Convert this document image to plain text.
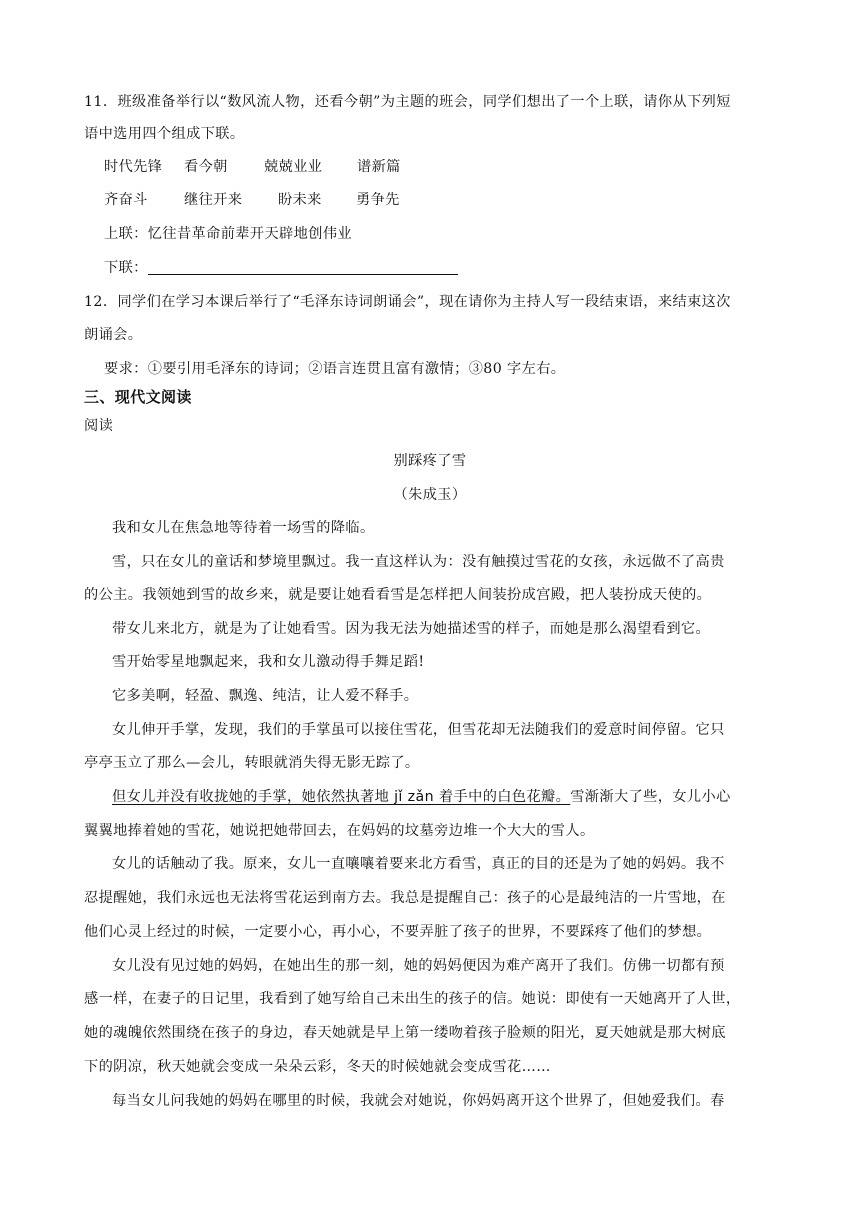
11．班级准备举行以“数风流人物，还看今朝”为主题的班会，同学们想出了一个上联，请你从下列短
语中选用四个组成下联。
时代先锋 看今朝	兢兢业业 谱新篇
齐奋斗	继往开来	盼未来 勇争先
上联：忆往昔革命前辈开天辟地创伟业
下联：
12．同学们在学习本课后举行了“毛泽东诗词朗诵会”，现在请你为主持人写一段结束语，来结束这次
朗诵会。
要求：①要引用毛泽东的诗词；②语言连贯且富有激情；③80 字左右。
三、现代文阅读
阅读
别踩疼了雪
（朱成玉）
我和女儿在焦急地等待着一场雪的降临。
雪，只在女儿的童话和梦境里飘过。我一直这样认为：没有触摸过雪花的女孩，永远做不了高贵
的公主。我领她到雪的故乡来，就是要让她看看雪是怎样把人间装扮成宫殿，把人装扮成天使的。
带女儿来北方，就是为了让她看雪。因为我无法为她描述雪的样子，而她是那么渴望看到它。
雪开始零星地飘起来，我和女儿激动得手舞足蹈!
它多美啊，轻盈、飘逸、纯洁，让人爱不释手。
女儿伸开手掌，发现，我们的手掌虽可以接住雪花，但雪花却无法随我们的爱意时间停留。它只
亭亭玉立了那么—会儿，转眼就消失得无影无踪了。
但女儿并没有收拢她的手掌，她依然执著地 jǐ zǎn 着手中的白色花瓣。雪渐渐大了些，女儿小心
翼翼地捧着她的雪花，她说把她带回去，在妈妈的坟墓旁边堆一个大大的雪人。
女儿的话触动了我。原来，女儿一直嚷嚷着要来北方看雪，真正的目的还是为了她的妈妈。我不
忍提醒她，我们永远也无法将雪花运到南方去。我总是提醒自己：孩子的心是最纯洁的一片雪地，在
他们心灵上经过的时候，一定要小心，再小心，不要弄脏了孩子的世界，不要踩疼了他们的梦想。
女儿没有见过她的妈妈，在她出生的那一刻，她的妈妈便因为难产离开了我们。仿佛一切都有预
感一样，在妻子的日记里，我看到了她写给自己未出生的孩子的信。她说：即使有一天她离开了人世，
她的魂魄依然围绕在孩子的身边，春天她就是早上第一缕吻着孩子脸颊的阳光，夏天她就是那大树底
下的阴凉，秋天她就会变成一朵朵云彩，冬天的时候她就会变成雪花……
每当女儿问我她的妈妈在哪里的时候，我就会对她说，你妈妈离开这个世界了，但她爱我们。春
